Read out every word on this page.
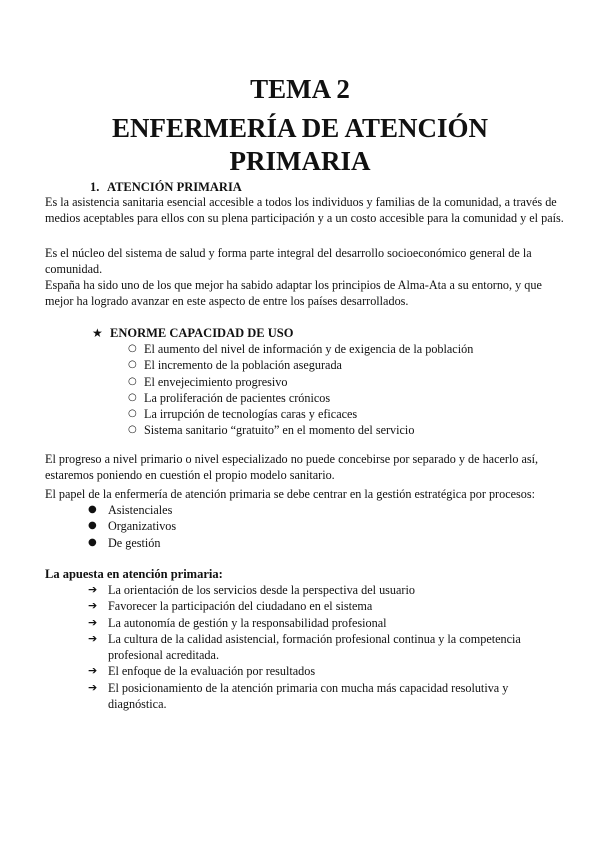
TEMA 2
ENFERMERÍA DE ATENCIÓN
PRIMARIA
1. ATENCIÓN PRIMARIA

Es la asistencia sanitaria esencial accesible a todos los individuos y familias de la comunidad, a través de medios aceptables para ellos con su plena participación y a un costo accesible para la comunidad y el país.

Es el núcleo del sistema de salud y forma parte integral del desarrollo socioeconómico general de la comunidad.

España ha sido uno de los que mejor ha sabido adaptar los principios de Alma-Ata a su entorno, y que mejor ha logrado avanzar en este aspecto de entre los países desarrollados.

★ ENORME CAPACIDAD DE USO
○ El aumento del nivel de información y de exigencia de la población
○ El incremento de la población asegurada
○ El envejecimiento progresivo
○ La proliferación de pacientes crónicos
○ La irrupción de tecnologías caras y eficaces
○ Sistema sanitario “gratuito” en el momento del servicio

El progreso a nivel primario o nivel especializado no puede concebirse por separado y de hacerlo así, estaremos poniendo en cuestión el propio modelo sanitario.

El papel de la enfermería de atención primaria se debe centrar en la gestión estratégica por procesos:

● Asistenciales
● Organizativos
● De gestión
La apuesta en atención primaria:
➔ La orientación de los servicios desde la perspectiva del usuario
➔ Favorecer la participación del ciudadano en el sistema
➔ La autonomía de gestión y la responsabilidad profesional
➔ La cultura de la calidad asistencial, formación profesional continua y la competencia profesional acreditada.
➔ El enfoque de la evaluación por resultados
➔ El posicionamiento de la atención primaria con mucha más capacidad resolutiva y diagnóstica.
